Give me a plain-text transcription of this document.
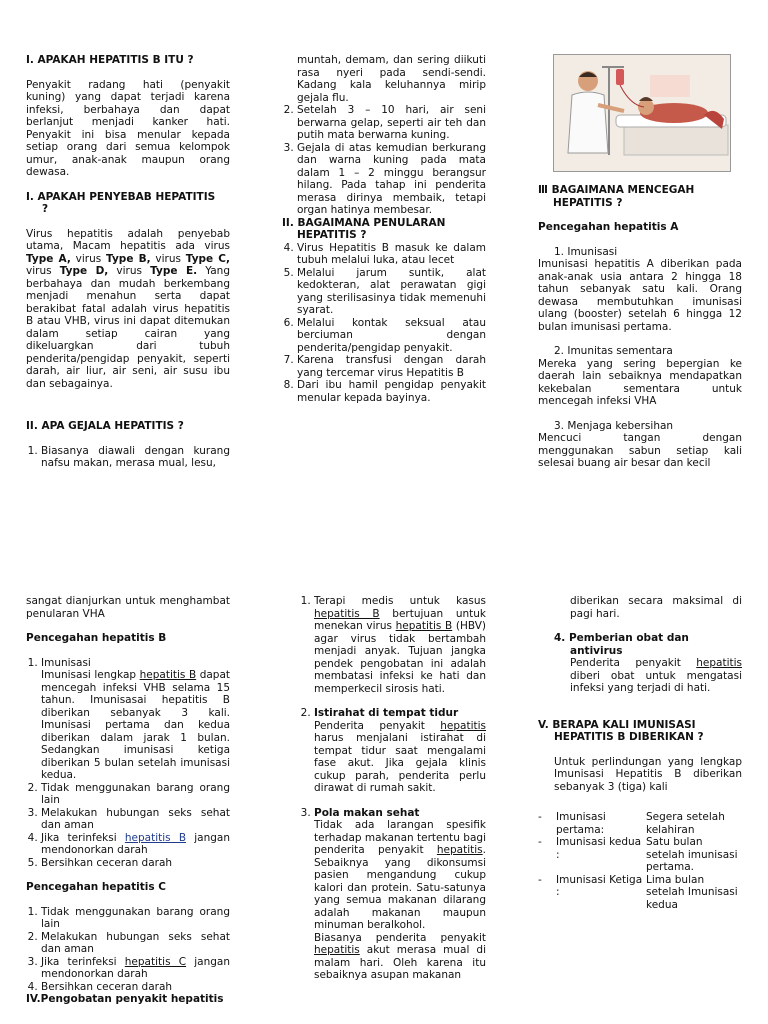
I. APAKAH HEPATITIS B ITU ?

Penyakit radang hati (penyakit kuning) yang dapat terjadi karena infeksi, berbahaya dan dapat berlanjut menjadi kanker hati. Penyakit ini bisa menular kepada setiap orang dari semua kelompok umur, anak-anak maupun orang dewasa.

I. APAKAH PENYEBAB HEPATITIS
?

Virus hepatitis adalah penyebab utama, Macam hepatitis ada virus Type A, virus Type B, virus Type C, virus Type D, virus Type E. Yang berbahaya dan mudah berkembang menjadi menahun serta dapat berakibat fatal adalah virus hepatitis B atau VHB, virus ini dapat ditemukan dalam setiap cairan yang dikeluargkan dari tubuh penderita/pengidap penyakit, seperti darah, air liur, air seni, air susu ibu dan sebagainya.

II. APA GEJALA HEPATITIS ?
1. Biasanya diawali dengan kurang nafsu makan, merasa mual, lesu,

muntah, demam, dan sering diikuti rasa nyeri pada sendi-sendi. Kadang kala keluhannya mirip gejala flu.

2. Setelah 3 – 10 hari, air seni berwarna gelap, seperti air teh dan putih mata berwarna kuning.
3. Gejala di atas kemudian berkurang dan warna kuning pada mata dalam 1 – 2 minggu berangsur hilang. Pada tahap ini penderita merasa dirinya membaik, tetapi organ hatinya membesar.
II. BAGAIMANA PENULARAN
HEPATITIS ?
4. Virus Hepatitis B masuk ke dalam tubuh melalui luka, atau lecet
5. Melalui jarum suntik, alat kedokteran, alat perawatan gigi yang sterilisasinya tidak memenuhi syarat.
6. Melalui kontak seksual atau berciuman dengan penderita/pengidap penyakit.
7. Karena transfusi dengan darah yang tercemar virus Hepatitis B
8. Dari ibu hamil pengidap penyakit menular kepada bayinya.
Ⅲ BAGAIMANA MENCEGAH
HEPATITIS ?
Pencegahan hepatitis A
1. Imunisasi

Imunisasi hepatitis A diberikan pada anak-anak usia antara 2 hingga 18 tahun sebanyak satu kali. Orang dewasa membutuhkan imunisasi ulang (booster) setelah 6 hingga 12 bulan imunisasi pertama.

2. Imunitas sementara

Mereka yang sering bepergian ke daerah lain sebaiknya mendapatkan kekebalan sementara untuk mencegah infeksi VHA

3. Menjaga kebersihan

Mencuci tangan dengan menggunakan sabun setiap kali selesai buang air besar dan kecil

sangat dianjurkan untuk menghambat penularan VHA

Pencegahan hepatitis B
1. Imunisasi
Imunisasi lengkap hepatitis B dapat mencegah infeksi VHB selama 15 tahun. Imunisasai hepatitis B diberikan sebanyak 3 kali. Imunisasi pertama dan kedua diberikan dalam jarak 1 bulan. Sedangkan imunisasi ketiga diberikan 5 bulan setelah imunisasi kedua.
2. Tidak menggunakan barang orang lain
3. Melakukan hubungan seks sehat dan aman
4. Jika terinfeksi hepatitis B jangan mendonorkan darah
5. Bersihkan ceceran darah
Pencegahan hepatitis C
1. Tidak menggunakan barang orang lain
2. Melakukan hubungan seks sehat dan aman
3. Jika terinfeksi hepatitis C jangan mendonorkan darah
4. Bersihkan ceceran darah
IV.Pengobatan penyakit hepatitis
1. Terapi medis untuk kasus hepatitis B bertujuan untuk menekan virus hepatitis B (HBV) agar virus tidak bertambah menjadi anyak. Tujuan jangka pendek pengobatan ini adalah membatasi infeksi ke hati dan memperkecil sirosis hati.
2. Istirahat di tempat tidur
Penderita penyakit hepatitis harus menjalani istirahat di tempat tidur saat mengalami fase akut. Jika gejala klinis cukup parah, penderita perlu dirawat di rumah sakit.
3. Pola makan sehat
Tidak ada larangan spesifik terhadap makanan tertentu bagi penderita penyakit hepatitis. Sebaiknya yang dikonsumsi pasien mengandung cukup kalori dan protein. Satu-satunya yang semua makanan dilarang adalah makanan maupun minuman beralkohol.
Biasanya penderita penyakit hepatitis akut merasa mual di malam hari. Oleh karena itu sebaiknya asupan makanan

diberikan secara maksimal di pagi hari.

4. Pemberian obat dan
antivirus

Penderita penyakit hepatitis diberi obat untuk mengatasi infeksi yang terjadi di hati.

V. BERAPA KALI IMUNISASI
HEPATITIS B DIBERIKAN ?

Untuk perlindungan yang lengkap Imunisasi Hepatitis B diberikan sebanyak 3 (tiga) kali

-	Imunisasi pertama:
Segera setelah kelahiran
-	Imunisasi kedua :
Satu bulan setelah imunisasi pertama.
-	Imunisasi Ketiga :
Lima bulan setelah Imunisasi kedua
